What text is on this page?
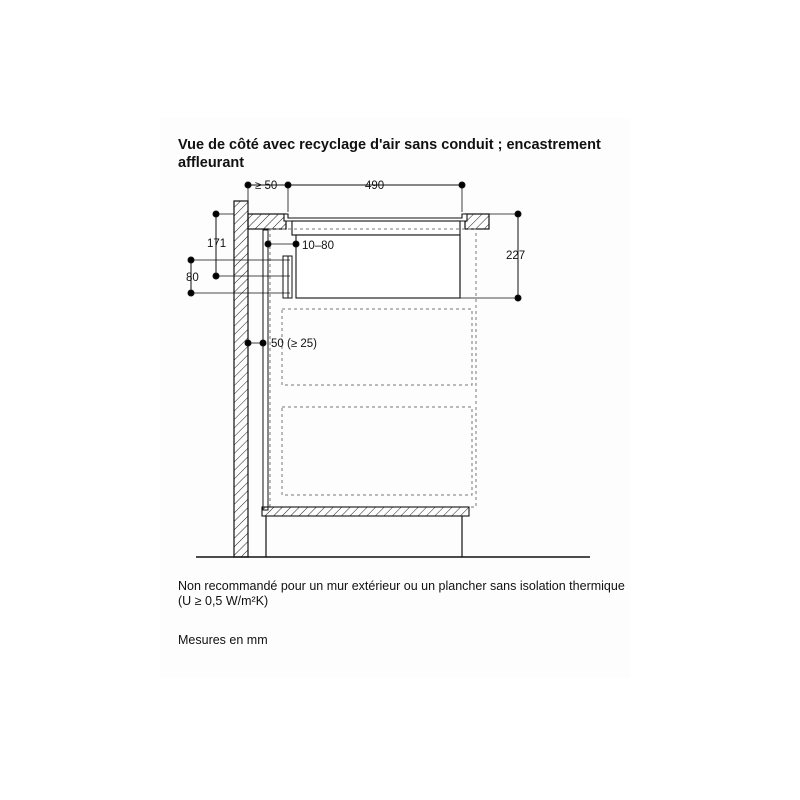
Vue de côté avec recyclage d'air sans conduit ; encastrement
affleurant
≥ 50	490
171
80
10–80
227
50 (≥ 25)
Non recommandé pour un mur extérieur ou un plancher sans isolation thermique
(U ≥ 0,5 W/m²K)
Mesures en mm
